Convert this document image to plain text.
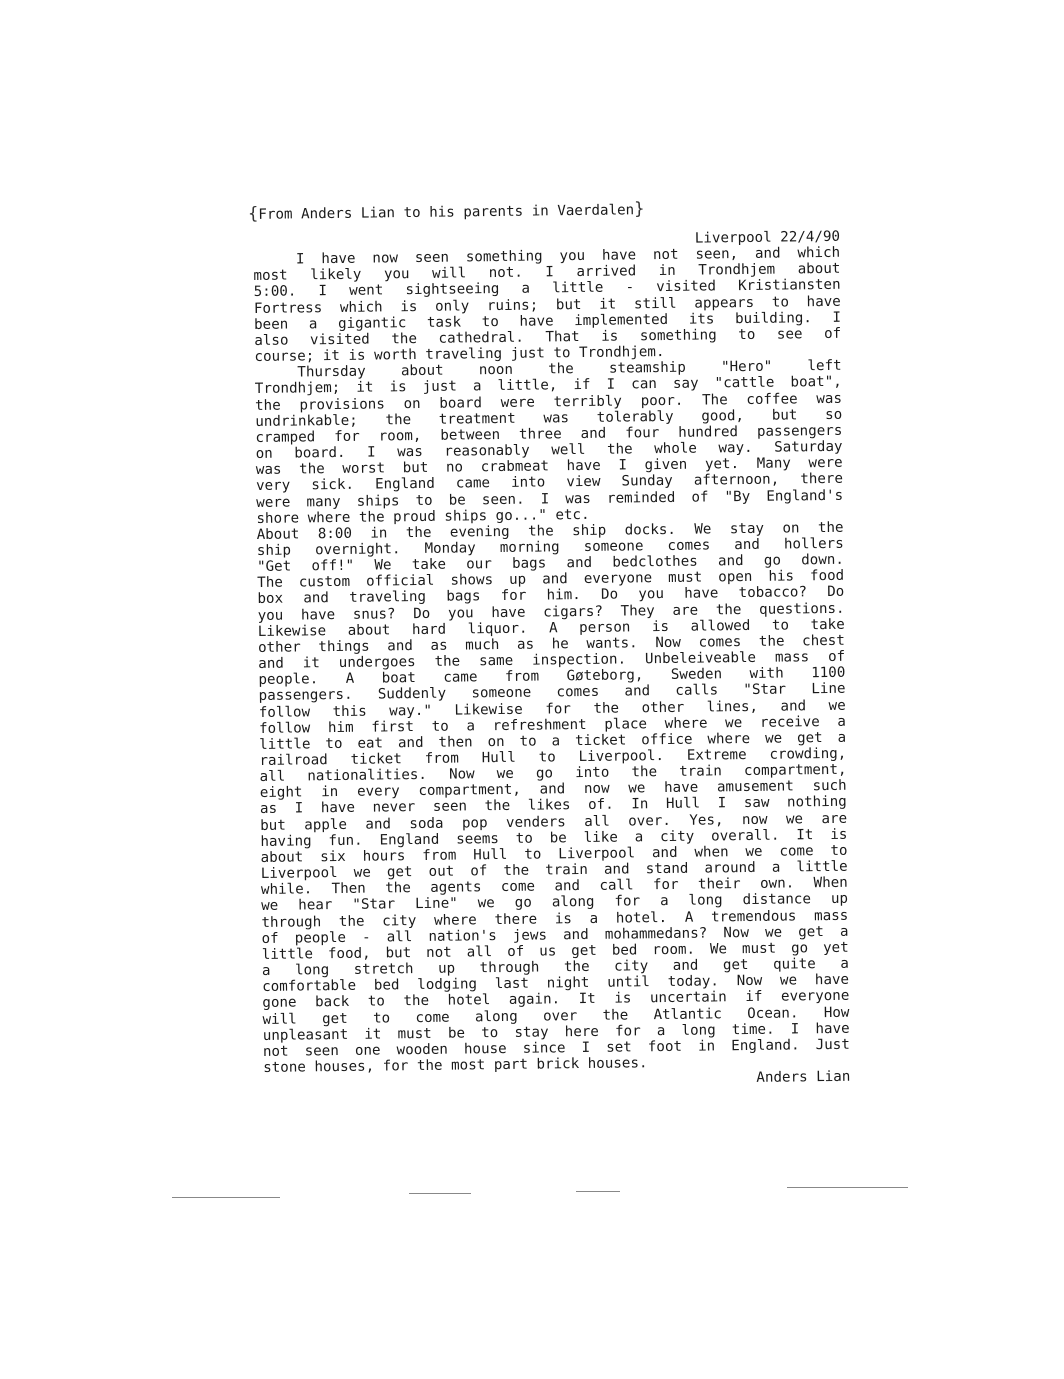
{From Anders Lian to his parents in Vaerdalen}
Liverpool 22/4/90
I have now seen something you have not seen, and which
most likely you will not. I arrived in Trondhjem about
5:00. I went sightseeing a little - visited Kristiansten
Fortress which is only ruins; but it still appears to have
been a gigantic task to have implemented its building. I
also visited the cathedral. That is something to see of
course; it is worth traveling just to Trondhjem.
Thursday about noon the steamship "Hero" left
Trondhjem; it is just a little, if I can say "cattle boat",
the provisions on board were terribly poor. The coffee was
undrinkable; the treatment was tolerably good, but so
cramped for room, between three and four hundred passengers
on board. I was reasonably well the whole way. Saturday
was the worst but no crabmeat have I given yet. Many were
very sick. England came into view Sunday afternoon, there
were many ships to be seen. I was reminded of "By England's
shore where the proud ships go..." etc.
About 8:00 in the evening the ship docks. We stay on the
ship overnight. Monday morning someone comes and hollers
"Get off!" We take our bags and bedclothes and go down.
The custom official shows up and everyone must open his food
box and traveling bags for him. Do you have tobacco? Do
you have snus? Do you have cigars? They are the questions.
Likewise about hard liquor. A person is allowed to take
other things and as much as he wants. Now comes the chest
and it undergoes the same inspection. Unbeleiveable mass of
people. A boat came from Gøteborg, Sweden with 1100
passengers. Suddenly someone comes and calls "Star Line
follow this way." Likewise for the other lines, and we
follow him first to a refreshment place where we receive a
little to eat and then on to a ticket office where we get a
railroad ticket from Hull to Liverpool. Extreme crowding,
all nationalities. Now we go into the train compartment,
eight in every compartment, and now we have amusement such
as I have never seen the likes of. In Hull I saw nothing
but apple and soda pop venders all over. Yes, now we are
having fun. England seems to be like a city overall. It is
about six hours from Hull to Liverpool and when we come to
Liverpool we get out of the train and stand around a little
while. Then the agents come and call for their own. When
we hear "Star Line" we go along for a long distance up
through the city where there is a hotel. A tremendous mass
of people - all nation's jews and mohammedans? Now we get a
little food, but not all of us get bed room. We must go yet
a long stretch up through the city and get quite a
comfortable bed lodging last night until today. Now we have
gone back to the hotel again. It is uncertain if everyone
will get to come along over the Atlantic Ocean. How
unpleasant it must be to stay here for a long time. I have
not seen one wooden house since I set foot in England. Just
stone houses, for the most part brick houses.
Anders Lian
